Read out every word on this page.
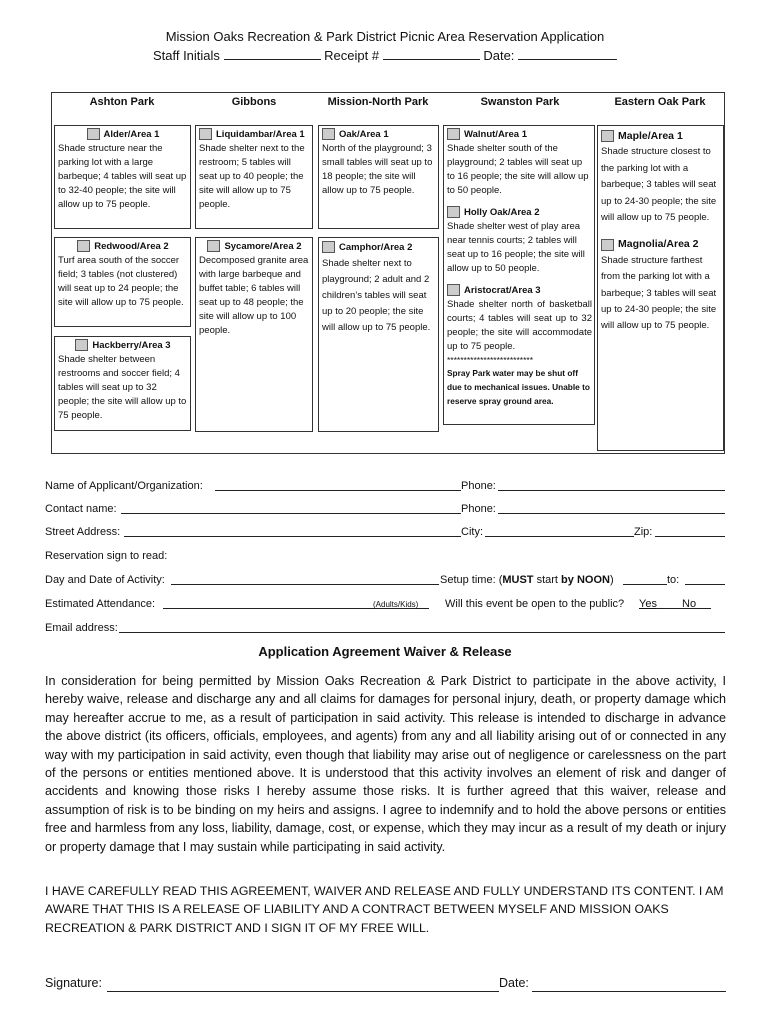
Mission Oaks Recreation & Park District Picnic Area Reservation Application
Staff Initials	Receipt #	Date:
Ashton Park	Gibbons	Mission-North Park	Swanston Park	Eastern Oak Park
Alder/Area 1
Shade structure near the parking lot with a large barbeque; 4 tables will seat up to 32-40 people; the site will allow up to 75 people.
Redwood/Area 2
Turf area south of the soccer field; 3 tables (not clustered) will seat up to 24 people; the site will allow up to 75 people.
Hackberry/Area 3
Shade shelter between restrooms and soccer field; 4 tables will seat up to 32 people; the site will allow up to 75 people.
Liquidambar/Area 1
Shade shelter next to the restroom; 5 tables will seat up to 40 people; the site will allow up to 75 people.
Sycamore/Area 2
Decomposed granite area with large barbeque and buffet table; 6 tables will seat up to 48 people; the site will allow up to 100 people.
Oak/Area 1
North of the playground; 3 small tables will seat up to 18 people; the site will allow up to 75 people.
Camphor/Area 2
Shade shelter next to playground; 2 adult and 2 children’s tables will seat up to 20 people; the site will allow up to 75 people.
Walnut/Area 1
Shade shelter south of the playground; 2 tables will seat up to 16 people; the site will allow up to 50 people.
Holly Oak/Area 2
Shade shelter west of play area near tennis courts; 2 tables will seat up to 16 people; the site will allow up to 50 people.
Aristocrat/Area 3
Shade shelter north of basketball courts; 4 tables will seat up to 32 people; the site will accommodate up to 75 people.
**************************
Spray Park water may be shut off due to mechanical issues. Unable to reserve spray ground area.
Maple/Area 1
Shade structure closest to the parking lot with a barbeque; 3 tables will seat up to 24-30 people; the site will allow up to 75 people.
Magnolia/Area 2
Shade structure farthest from the parking lot with a barbeque; 3 tables will seat up to 24-30 people; the site will allow up to 75 people.
Name of Applicant/Organization:	Phone:
Contact name:	Phone:
Street Address:	City:	Zip:
Reservation sign to read:
Day and Date of Activity:	Setup time: (MUST start by NOON)	to:
Estimated Attendance:	(Adults/Kids) Will this event be open to the public? Yes No
Email address:
Application Agreement Waiver & Release
In consideration for being permitted by Mission Oaks Recreation & Park District to participate in the above activity, I hereby waive, release and discharge any and all claims for damages for personal injury, death, or property damage which may hereafter accrue to me, as a result of participation in said activity. This release is intended to discharge in advance the above district (its officers, officials, employees, and agents) from any and all liability arising out of or connected in any way with my participation in said activity, even though that liability may arise out of negligence or carelessness on the part of the persons or entities mentioned above. It is understood that this activity involves an element of risk and danger of accidents and knowing those risks I hereby assume those risks. It is further agreed that this waiver, release and assumption of risk is to be binding on my heirs and assigns. I agree to indemnify and to hold the above persons or entities free and harmless from any loss, liability, damage, cost, or expense, which they may incur as a result of my death or injury or property damage that I may sustain while participating in said activity.
I HAVE CAREFULLY READ THIS AGREEMENT, WAIVER AND RELEASE AND FULLY UNDERSTAND ITS CONTENT. I AM AWARE THAT THIS IS A RELEASE OF LIABILITY AND A CONTRACT BETWEEN MYSELF AND MISSION OAKS RECREATION & PARK DISTRICT AND I SIGN IT OF MY FREE WILL.
Signature:	Date:
